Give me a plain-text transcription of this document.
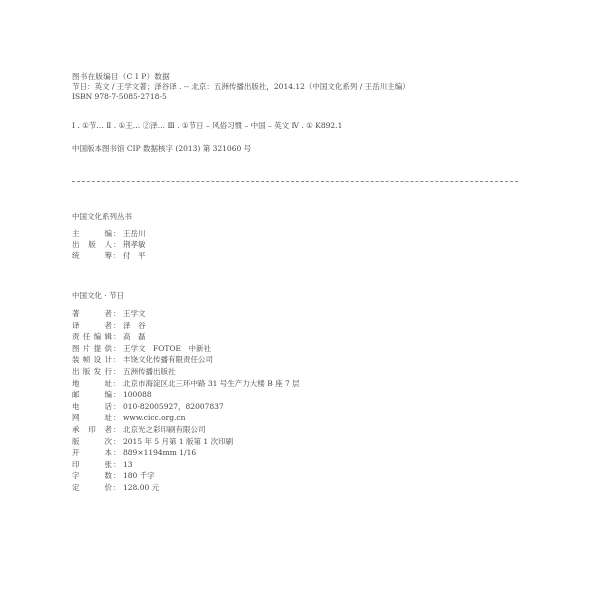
图书在版编目（C I P）数据
节日：英文 / 王学文著；泽谷译 . -- 北京：五洲传播出版社，2014.12（中国文化系列 / 王岳川主编）
ISBN 978-7-5085-2718-5
Ⅰ . ①节… Ⅱ . ①王… ②泽… Ⅲ . ①节日 – 风俗习惯 – 中国 – 英文 Ⅳ . ① K892.1
中国版本图书馆 CIP 数据核字 (2013) 第 321060 号
中国文化系列丛书
主	编 ： 王岳川
出 版 人 ： 荆孝敏
统	筹 ： 付　平
中国文化 · 节日
著	者 ： 王学文
译	者 ： 泽　谷
责 任 编 辑 ： 高　磊
图 片 提 供 ： 王学文　FOTOE　中新社
装 帧 设 计 ： 丰饶文化传播有限责任公司
出 版 发 行 ： 五洲传播出版社
地	址 ： 北京市海淀区北三环中路 31 号生产力大楼 B 座 7 层
邮	编 ： 100088
电	话 ： 010-82005927，82007837
网	址 ： www.cicc.org.cn
承 印 者 ： 北京光之彩印刷有限公司
版	次 ： 2015 年 5 月第 1 版第 1 次印刷
开	本 ： 889×1194mm 1/16
印	张 ： 13
字	数 ： 180 千字
定	价 ： 128.00 元
